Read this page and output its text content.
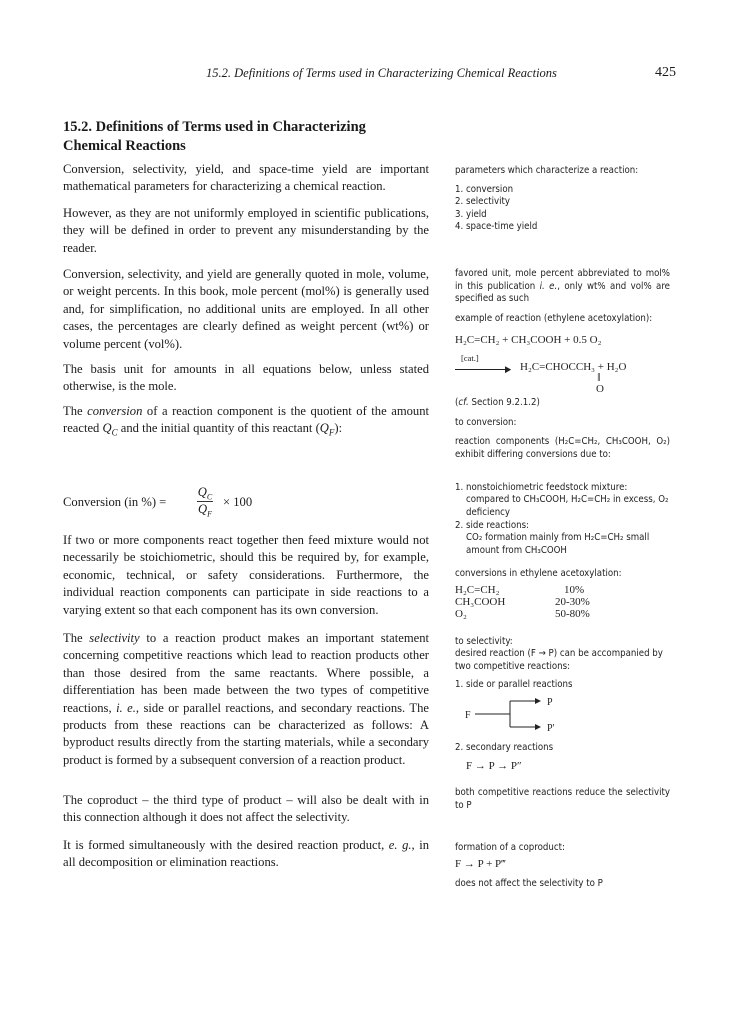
15.2. Definitions of Terms used in Characterizing Chemical Reactions	425
15.2. Definitions of Terms used in Characterizing
Chemical Reactions

Conversion, selectivity, yield, and space-time yield are important mathematical parameters for characterizing a chemical reaction.

However, as they are not uniformly employed in scientific publications, they will be defined in order to prevent any misunderstanding by the reader.

Conversion, selectivity, and yield are generally quoted in mole, volume, or weight percents. In this book, mole percent (mol%) is generally used and, for simplification, no additional units are employed. In all other cases, the percentages are clearly defined as weight percent (wt%) or volume percent (vol%).

The basis unit for amounts in all equations below, unless stated otherwise, is the mole.

The conversion of a reaction component is the quotient of the amount reacted $Q_C$ and the initial quantity of this reactant $(Q_F)$:

Conversion (in %) =
$Q_C$
$Q_F$
× 100

If two or more components react together then feed mixture would not necessarily be stoichiometric, should this be required by, for example, economic, technical, or safety considerations. Furthermore, the individual reaction components can participate in side reactions to a varying extent so that each component has its own conversion.

The selectivity to a reaction product makes an important statement concerning competitive reactions which lead to reaction products other than those desired from the same reactants. Where possible, a differentiation has been made between the two types of competitive reactions, i. e., side or parallel reactions, and secondary reactions. The products from these reactions can be characterized as follows: A byproduct results directly from the starting materials, while a secondary product is formed by a subsequent conversion of a reaction product.

The coproduct – the third type of product – will also be dealt with in this connection although it does not affect the selectivity.

It is formed simultaneously with the desired reaction product, e. g., in all decomposition or elimination reactions.

parameters which characterize a reaction:
1. conversion
2. selectivity
3. yield
4. space-time yield
favored unit, mole percent abbreviated to mol% in this publication i. e., only wt% and vol% are specified as such
example of reaction (ethylene acetoxylation):
H₂C=CH₂ + CH₃COOH + 0.5 O₂
[cat.]
▶ H₂C=CHOCCH₃ + H₂O
‖
O
(cf. Section 9.2.1.2)
to conversion:
reaction components (H₂C=CH₂, CH₃COOH, O₂) exhibit differing conversions due to:
1. nonstoichiometric feedstock mixture:
compared to CH₃COOH, H₂C=CH₂ in excess, O₂ deficiency
2. side reactions:
CO₂ formation mainly from H₂C=CH₂ small amount from CH₃COOH
conversions in ethylene acetoxylation:
H₂C=CH₂	10%
CH₃COOH	20-30%
O₂	50-80%
to selectivity:
desired reaction (F → P) can be accompanied by two competitive reactions:
1. side or parallel reactions
F
P
P′
2. secondary reactions
F → P → P″
both competitive reactions reduce the selectivity to P
formation of a coproduct:
F → P + P‴
does not affect the selectivity to P
